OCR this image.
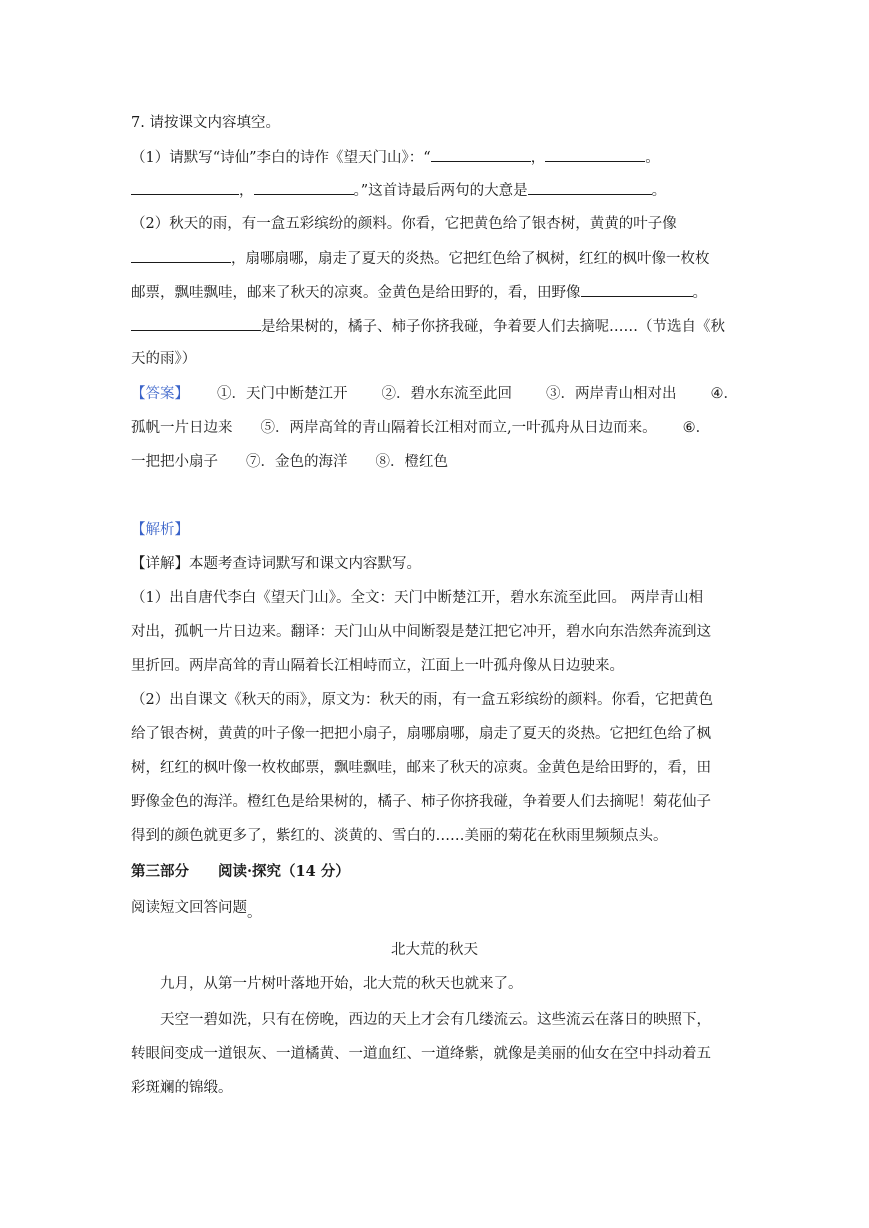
7. 请按课文内容填空。
（1）请默写“诗仙”李白的诗作《望天门山》：“	，	。
，	。”这首诗最后两句的大意是	。
（2）秋天的雨，有一盒五彩缤纷的颜料。你看，它把黄色给了银杏树，黄黄的叶子像
，扇哪扇哪，扇走了夏天的炎热。它把红色给了枫树，红红的枫叶像一枚枚
邮票，飘哇飘哇，邮来了秋天的凉爽。金黄色是给田野的，看，田野像	。
是给果树的，橘子、柿子你挤我碰，争着要人们去摘呢……（节选自《秋
天的雨》）
【答案】 ①．天门中断楚江开 ②．碧水东流至此回 ③．两岸青山相对出 ④．
孤帆一片日边来 ⑤．两岸高耸的青山隔着长江相对而立,一叶孤舟从日边而来。 ⑥．
一把把小扇子 ⑦．金色的海洋 ⑧．橙红色
【解析】
【详解】本题考查诗词默写和课文内容默写。
（1）出自唐代李白《望天门山》。全文：天门中断楚江开，碧水东流至此回。 两岸青山相
对出，孤帆一片日边来。翻译：天门山从中间断裂是楚江把它冲开，碧水向东浩然奔流到这
里折回。两岸高耸的青山隔着长江相峙而立，江面上一叶孤舟像从日边驶来。
（2）出自课文《秋天的雨》，原文为：秋天的雨，有一盒五彩缤纷的颜料。你看，它把黄色
给了银杏树，黄黄的叶子像一把把小扇子，扇哪扇哪，扇走了夏天的炎热。它把红色给了枫
树，红红的枫叶像一枚枚邮票，飘哇飘哇，邮来了秋天的凉爽。金黄色是给田野的，看，田
野像金色的海洋。橙红色是给果树的，橘子、柿子你挤我碰，争着要人们去摘呢！菊花仙子
得到的颜色就更多了，紫红的、淡黄的、雪白的……美丽的菊花在秋雨里频频点头。
第三部分　　阅读·探究（14 分）
阅读短文回答问题。
北大荒的秋天
九月，从第一片树叶落地开始，北大荒的秋天也就来了。
天空一碧如洗，只有在傍晚，西边的天上才会有几缕流云。这些流云在落日的映照下，
转眼间变成一道银灰、一道橘黄、一道血红、一道绛紫，就像是美丽的仙女在空中抖动着五
彩斑斓的锦缎。
